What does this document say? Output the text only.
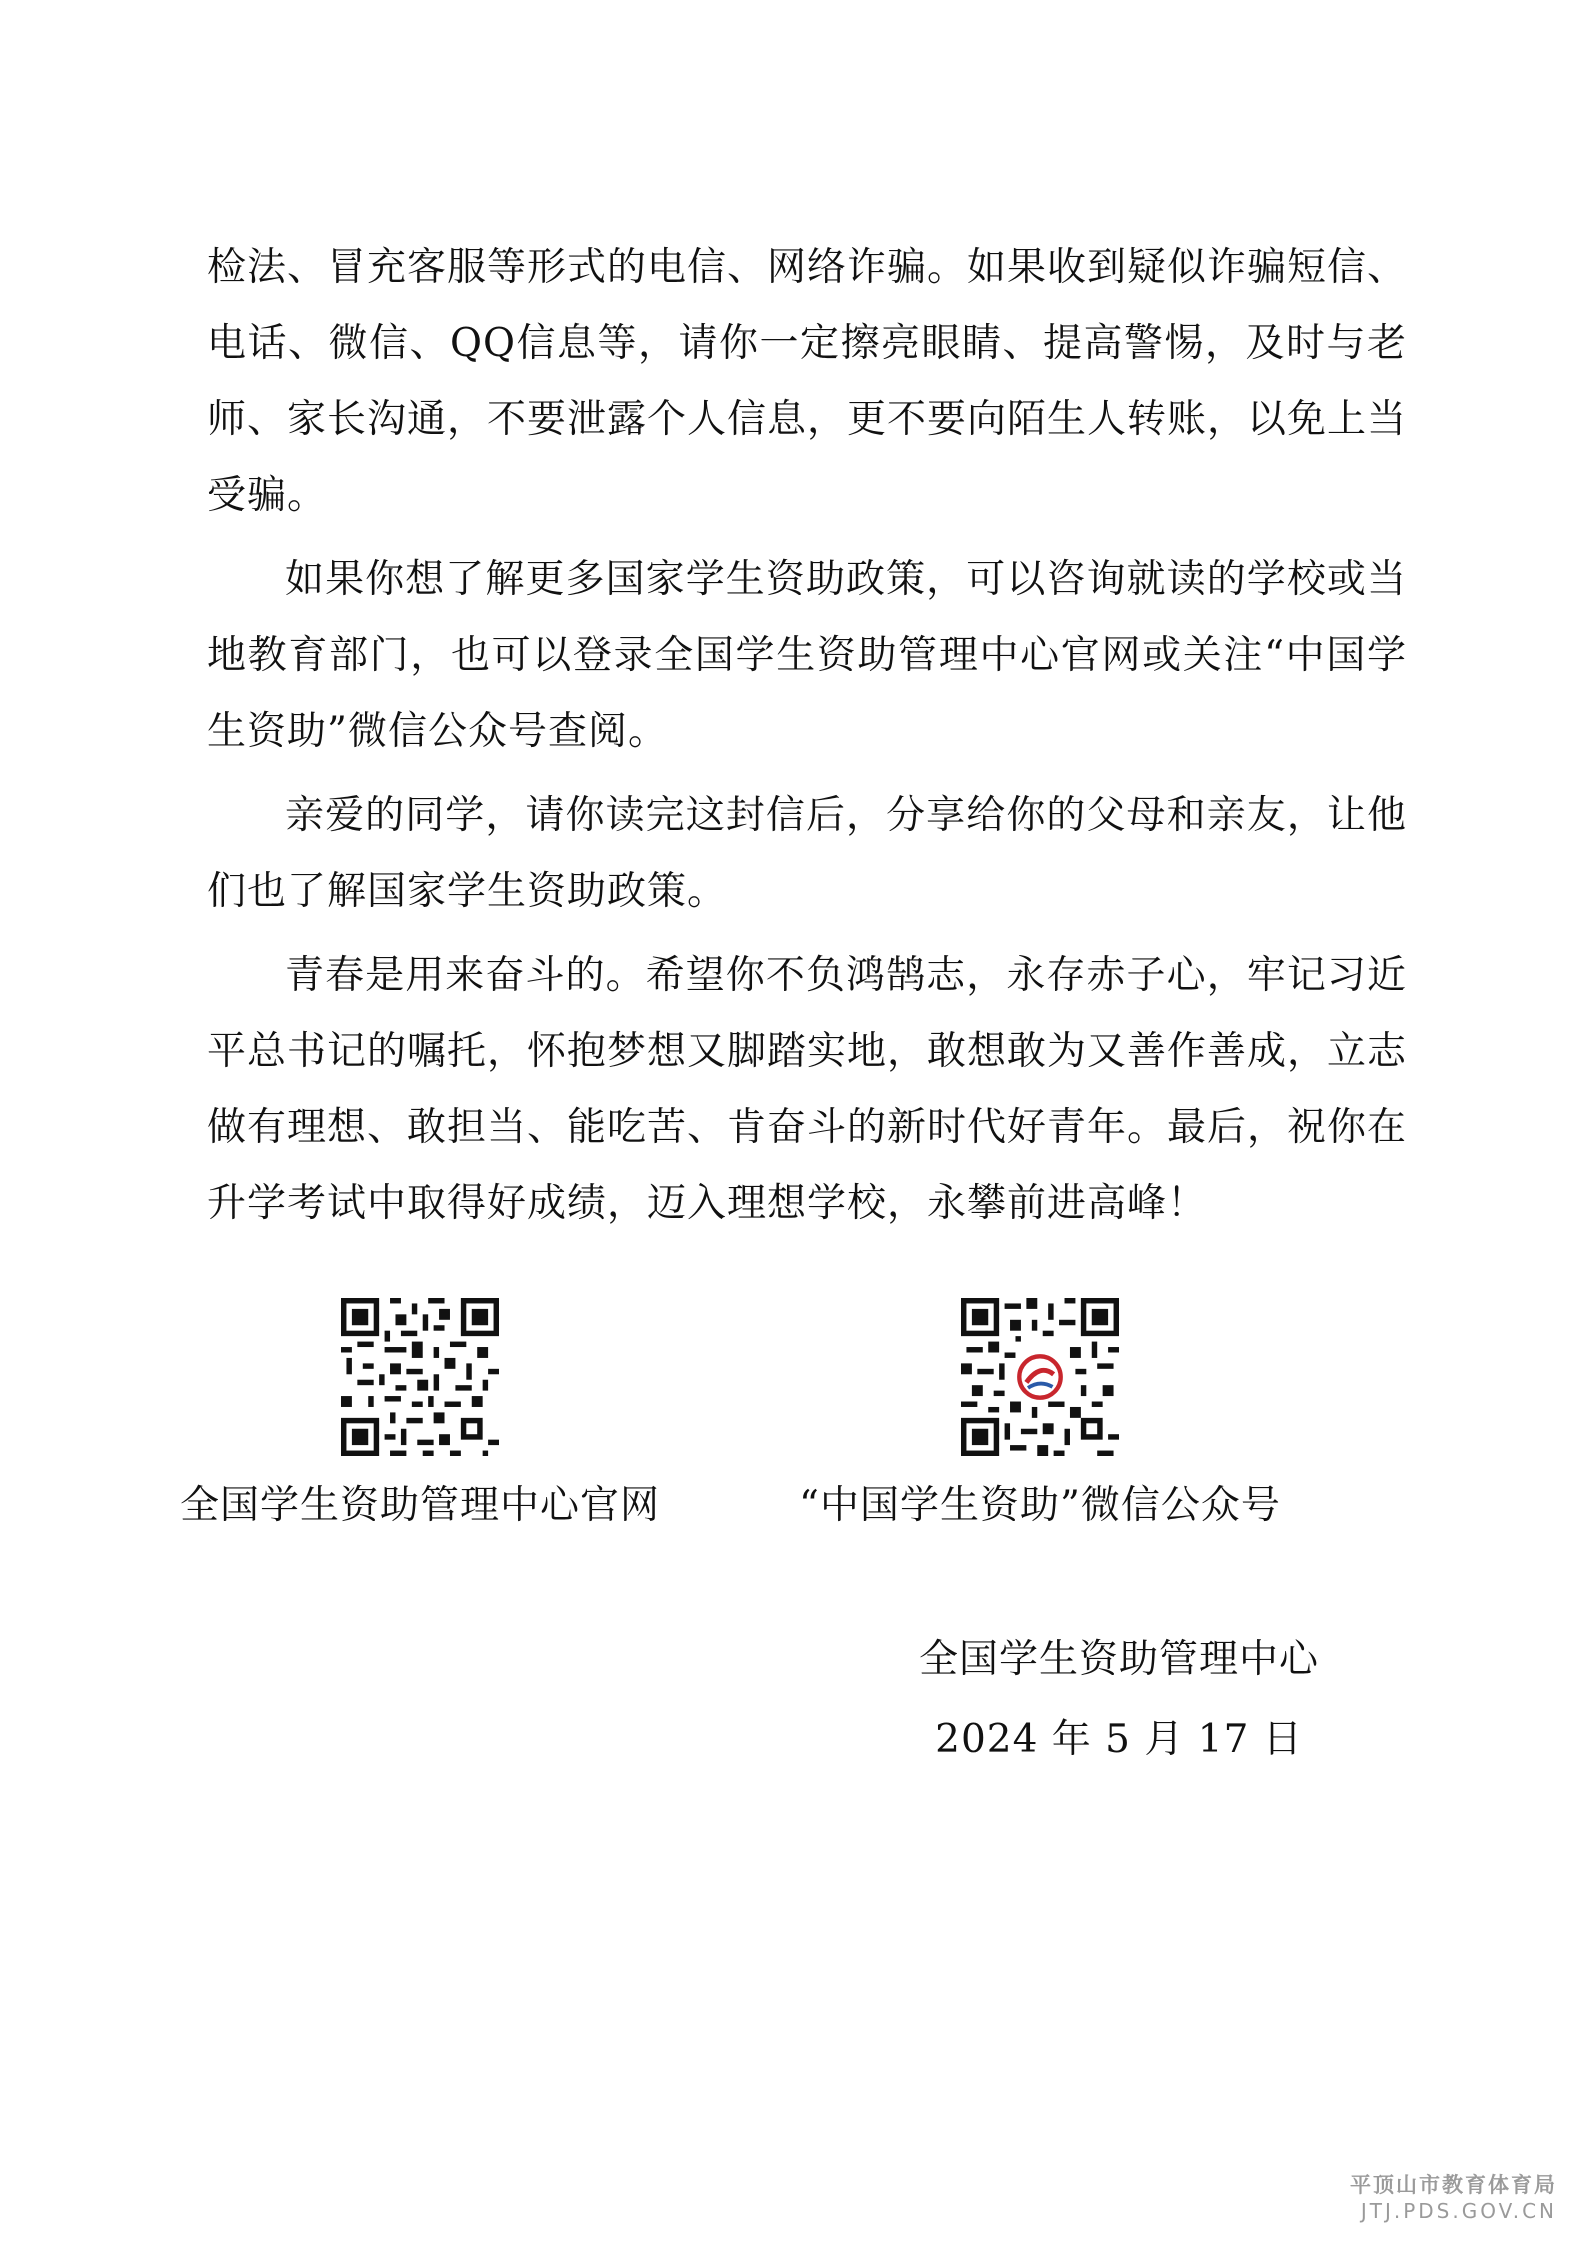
检法、冒充客服等形式的电信、网络诈骗。如果收到疑似诈骗短信、电话、微信、QQ信息等，请你一定擦亮眼睛、提高警惕，及时与老师、家长沟通，不要泄露个人信息，更不要向陌生人转账，以免上当受骗。

如果你想了解更多国家学生资助政策，可以咨询就读的学校或当地教育部门，也可以登录全国学生资助管理中心官网或关注“中国学生资助”微信公众号查阅。

亲爱的同学，请你读完这封信后，分享给你的父母和亲友，让他们也了解国家学生资助政策。

青春是用来奋斗的。希望你不负鸿鹄志，永存赤子心，牢记习近平总书记的嘱托，怀抱梦想又脚踏实地，敢想敢为又善作善成，立志做有理想、敢担当、能吃苦、肯奋斗的新时代好青年。最后，祝你在升学考试中取得好成绩，迈入理想学校，永攀前进高峰！

全国学生资助管理中心官网	“中国学生资助”微信公众号
全国学生资助管理中心
2024 年 5 月 17 日
平顶山市教育体育局
JTJ.PDS.GOV.CN
